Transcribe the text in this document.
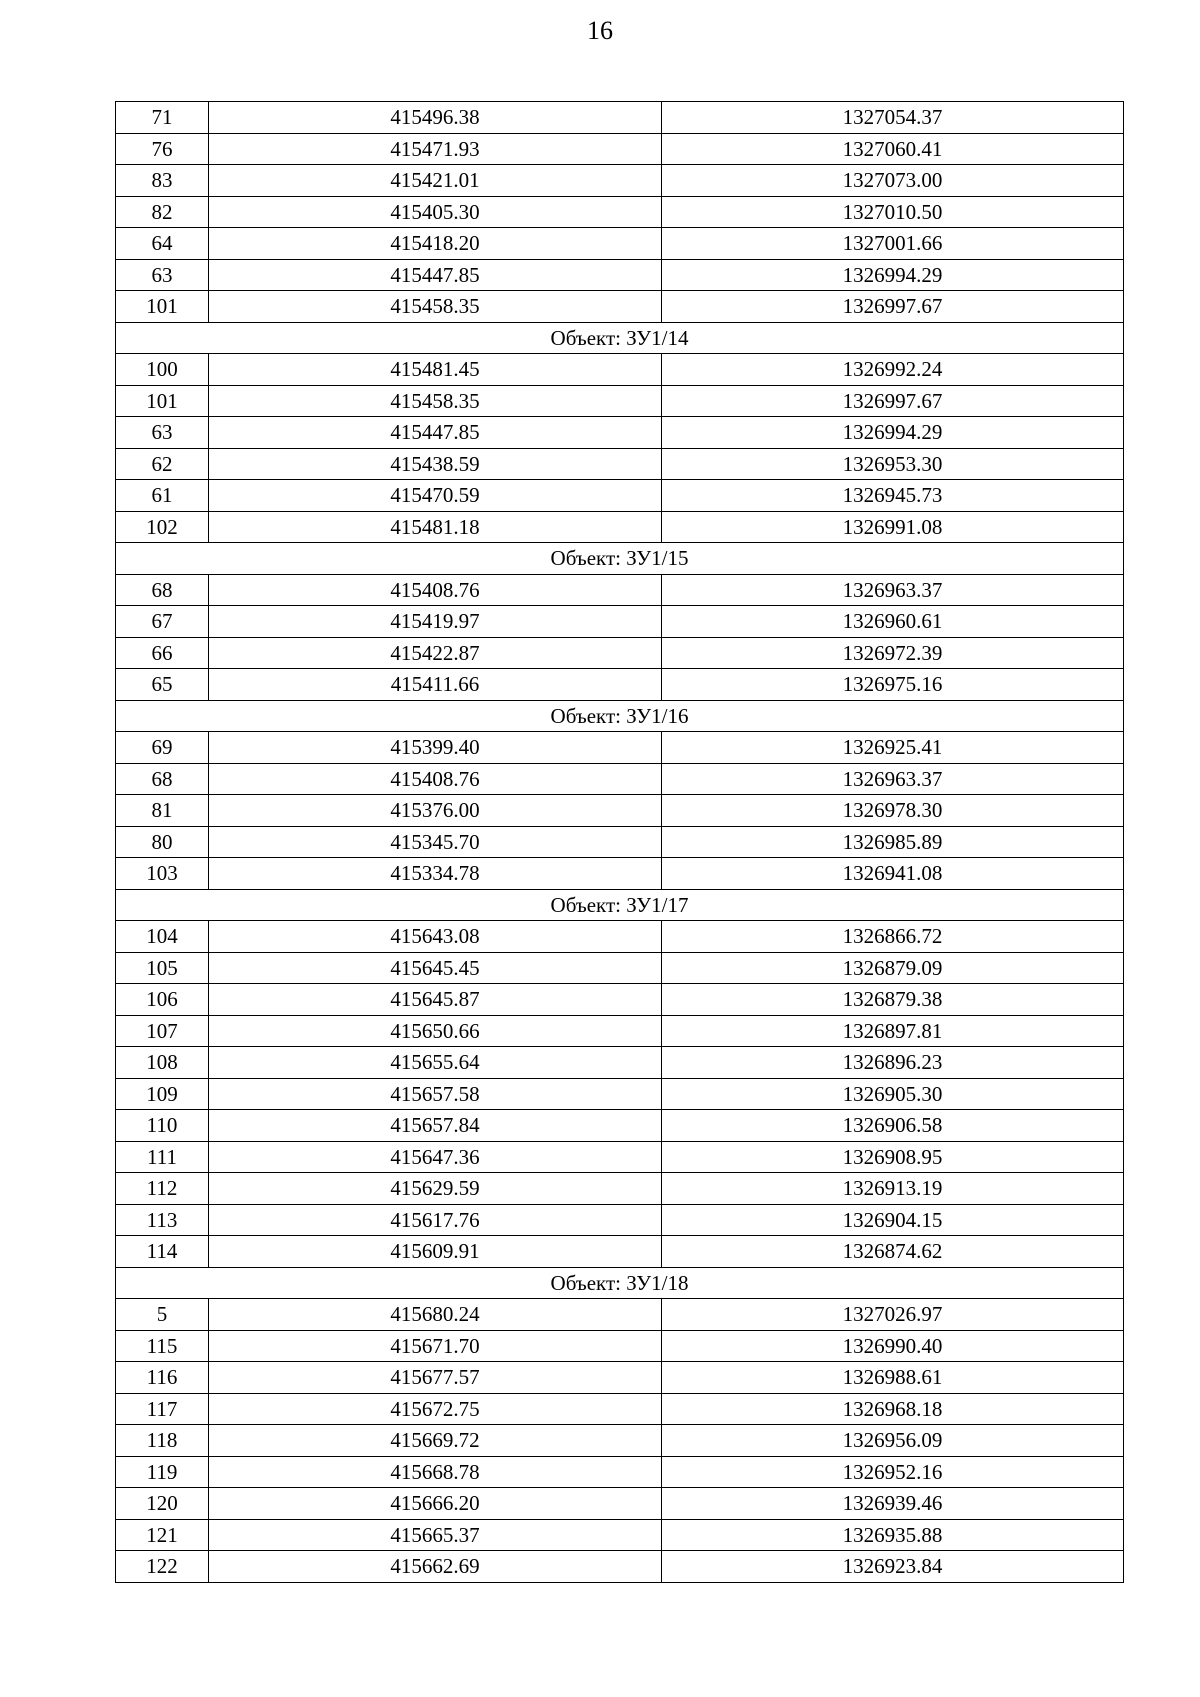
16
71	415496.38	1327054.37
76	415471.93	1327060.41
83	415421.01	1327073.00
82	415405.30	1327010.50
64	415418.20	1327001.66
63	415447.85	1326994.29
101	415458.35	1326997.67
Объект: ЗУ1/14		
100	415481.45	1326992.24
101	415458.35	1326997.67
63	415447.85	1326994.29
62	415438.59	1326953.30
61	415470.59	1326945.73
102	415481.18	1326991.08
Объект: ЗУ1/15		
68	415408.76	1326963.37
67	415419.97	1326960.61
66	415422.87	1326972.39
65	415411.66	1326975.16
Объект: ЗУ1/16		
69	415399.40	1326925.41
68	415408.76	1326963.37
81	415376.00	1326978.30
80	415345.70	1326985.89
103	415334.78	1326941.08
Объект: ЗУ1/17		
104	415643.08	1326866.72
105	415645.45	1326879.09
106	415645.87	1326879.38
107	415650.66	1326897.81
108	415655.64	1326896.23
109	415657.58	1326905.30
110	415657.84	1326906.58
111	415647.36	1326908.95
112	415629.59	1326913.19
113	415617.76	1326904.15
114	415609.91	1326874.62
Объект: ЗУ1/18		
5	415680.24	1327026.97
115	415671.70	1326990.40
116	415677.57	1326988.61
117	415672.75	1326968.18
118	415669.72	1326956.09
119	415668.78	1326952.16
120	415666.20	1326939.46
121	415665.37	1326935.88
122	415662.69	1326923.84
